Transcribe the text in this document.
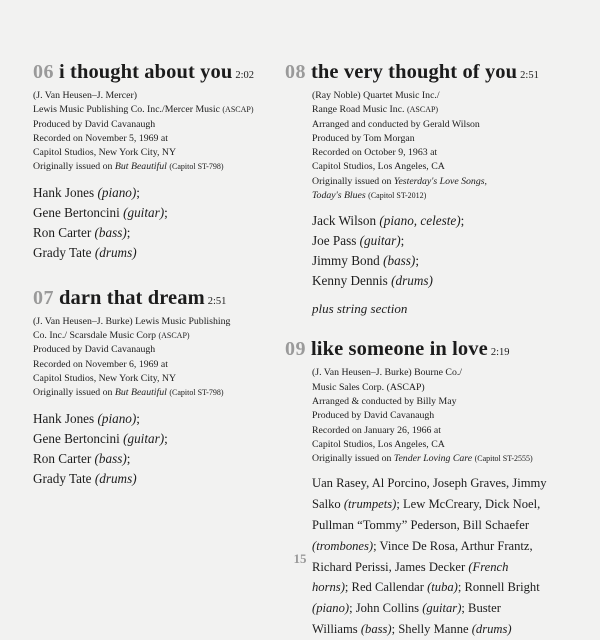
06 i thought about you 2:02
(J. Van Heusen–J. Mercer)
Lewis Music Publishing Co. Inc./Mercer Music (ASCAP)
Produced by David Cavanaugh
Recorded on November 5, 1969 at
Capitol Studios, New York City, NY
Originally issued on But Beautiful (Capitol ST-798)
Hank Jones (piano);
Gene Bertoncini (guitar);
Ron Carter (bass);
Grady Tate (drums)
07 darn that dream 2:51
(J. Van Heusen–J. Burke) Lewis Music Publishing
Co. Inc./ Scarsdale Music Corp (ASCAP)
Produced by David Cavanaugh
Recorded on November 6, 1969 at
Capitol Studios, New York City, NY
Originally issued on But Beautiful (Capitol ST-798)
Hank Jones (piano);
Gene Bertoncini (guitar);
Ron Carter (bass);
Grady Tate (drums)
08 the very thought of you 2:51
(Ray Noble) Quartet Music Inc./
Range Road Music Inc. (ASCAP)
Arranged and conducted by Gerald Wilson
Produced by Tom Morgan
Recorded on October 9, 1963 at
Capitol Studios, Los Angeles, CA
Originally issued on Yesterday's Love Songs,
Today's Blues (Capitol ST-2012)
Jack Wilson (piano, celeste);
Joe Pass (guitar);
Jimmy Bond (bass);
Kenny Dennis (drums)
plus string section
09 like someone in love 2:19
(J. Van Heusen–J. Burke) Bourne Co./
Music Sales Corp. (ASCAP)
Arranged & conducted by Billy May
Produced by David Cavanaugh
Recorded on January 26, 1966 at
Capitol Studios, Los Angeles, CA
Originally issued on Tender Loving Care (Capitol ST-2555)
Uan Rasey, Al Porcino, Joseph Graves, Jimmy
Salko (trumpets); Lew McCreary, Dick Noel,
Pullman “Tommy” Pederson, Bill Schaefer
(trombones); Vince De Rosa, Arthur Frantz,
Richard Perissi, James Decker (French
horns); Red Callendar (tuba); Ronnell Bright
(piano); John Collins (guitar); Buster
Williams (bass); Shelly Manne (drums)
15
